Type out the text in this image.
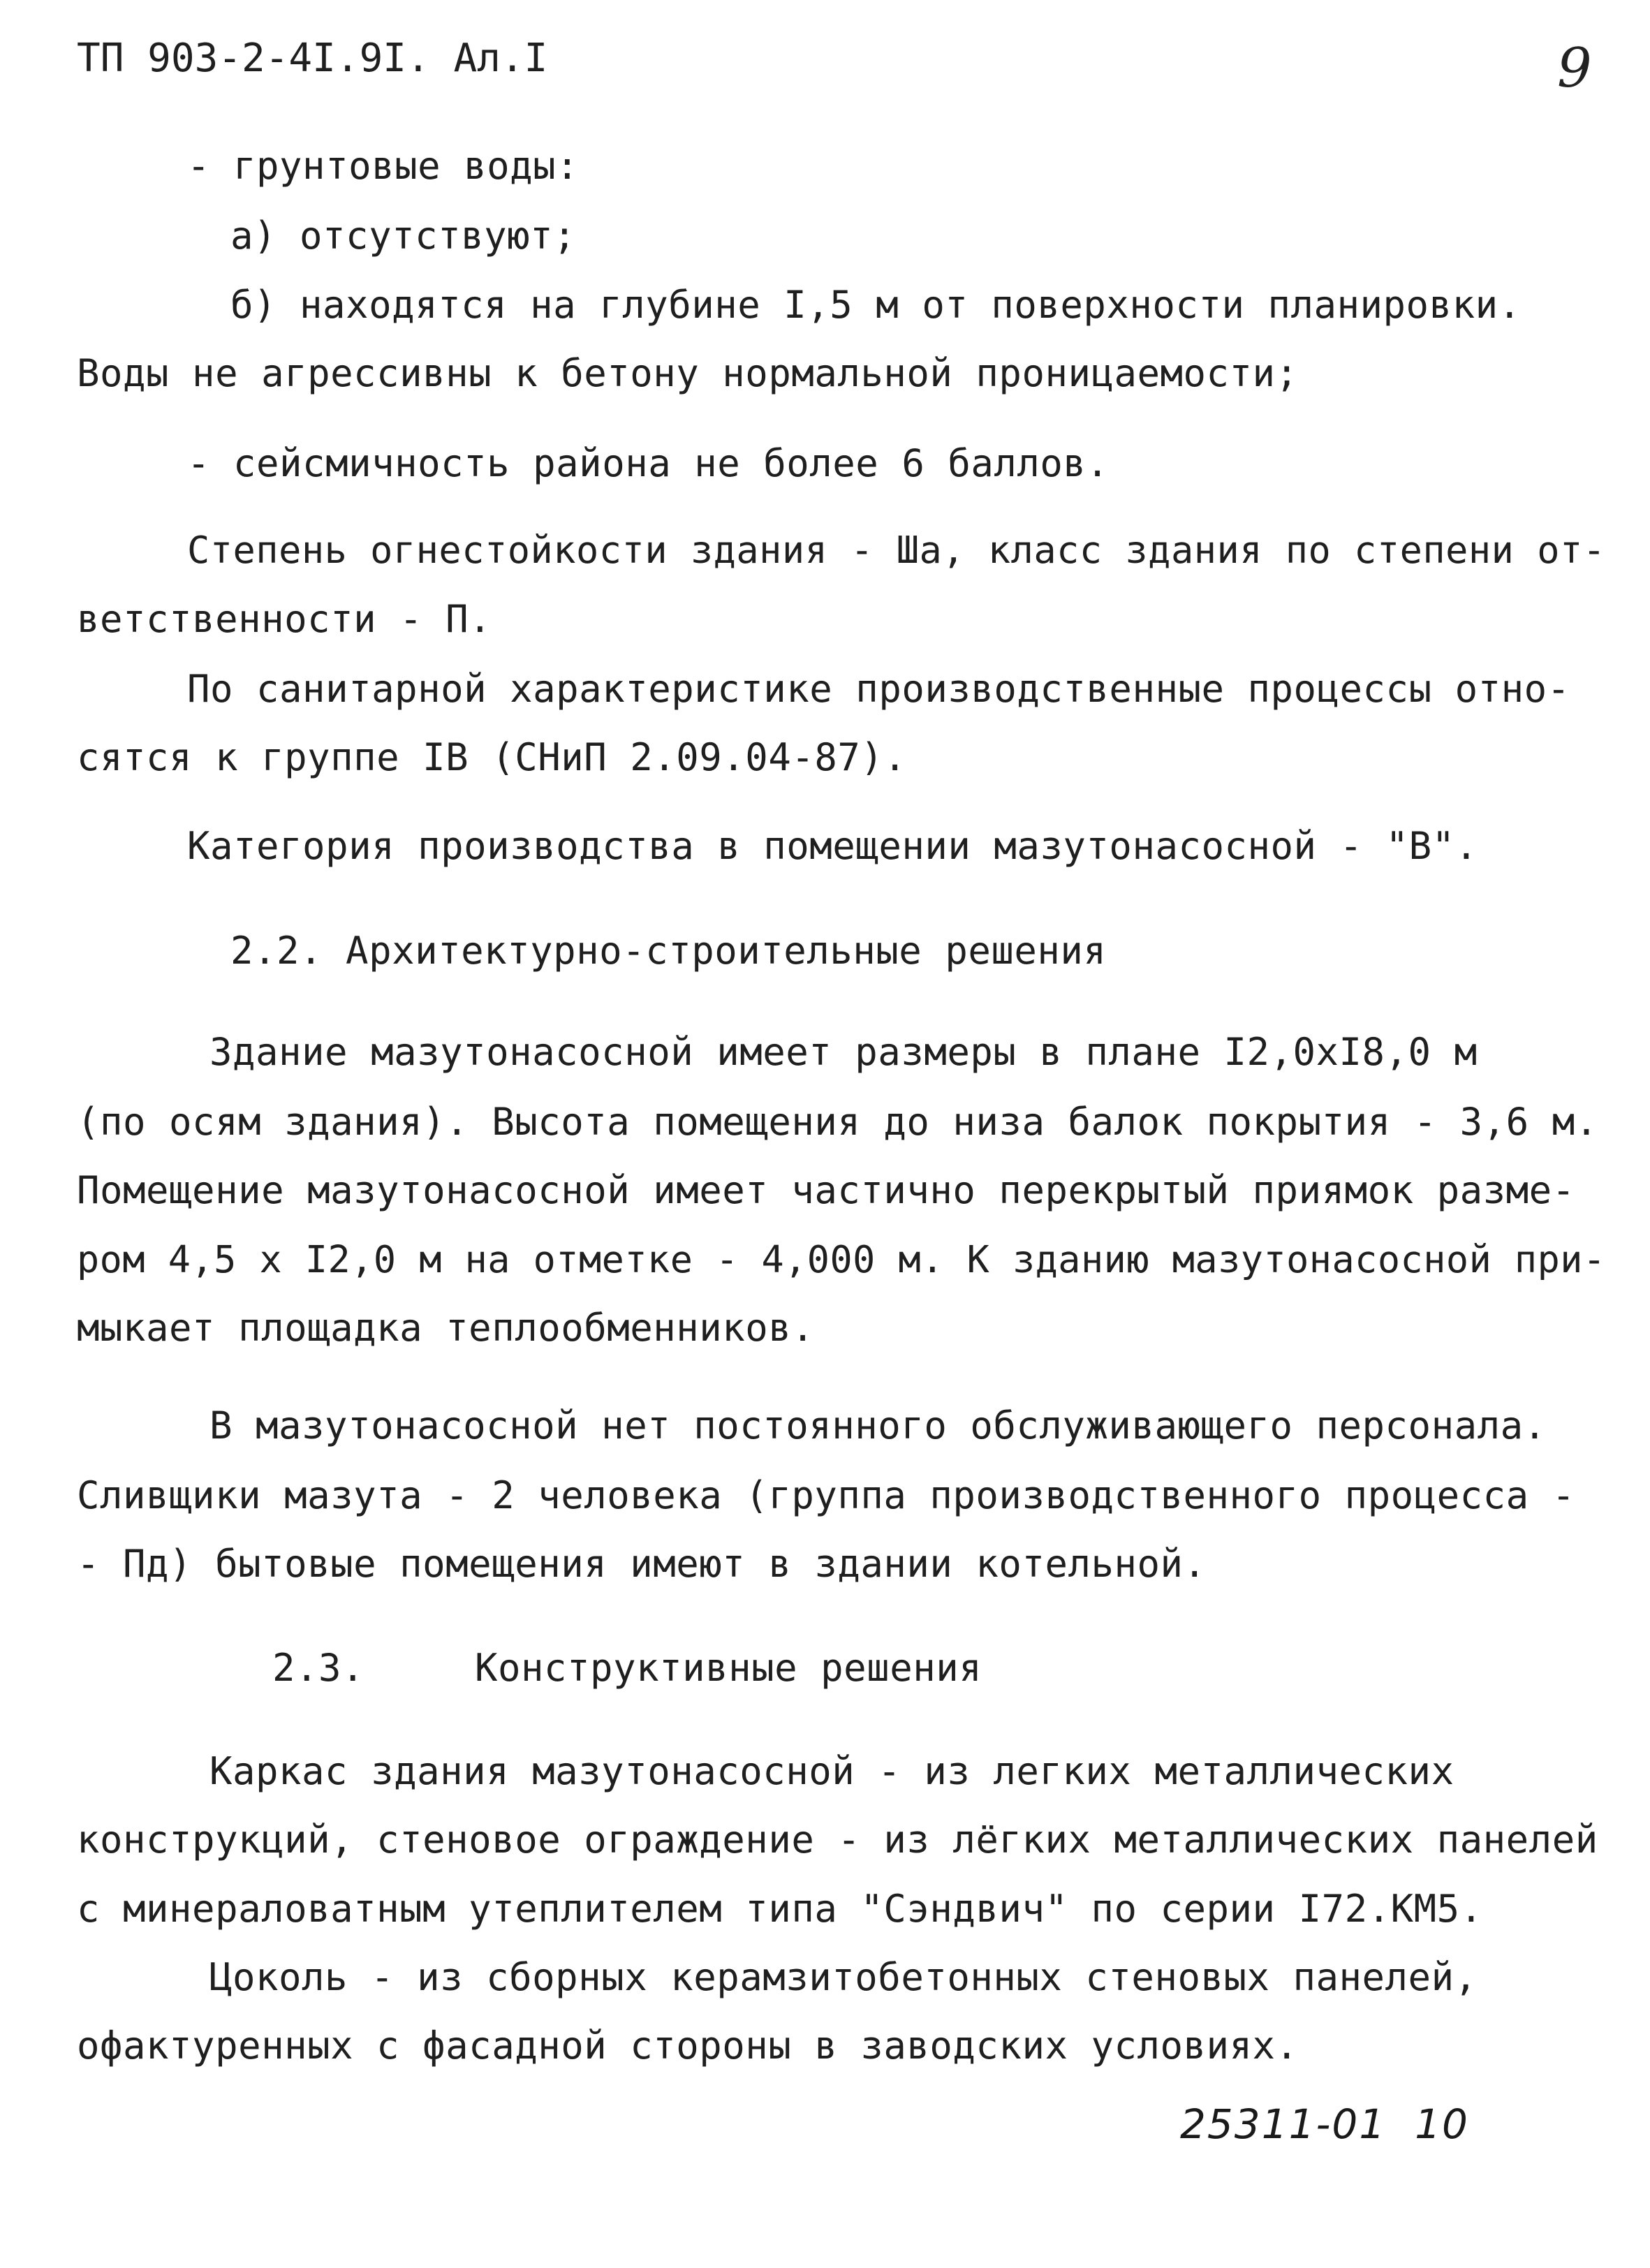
ТП 903-2-4I.9I. Ал.I	9
- грунтовые воды:
а) отсутствуют;
б) находятся на глубине I,5 м от поверхности планировки.
Воды не агрессивны к бетону нормальной проницаемости;
- сейсмичность района не более 6 баллов.
Степень огнестойкости здания - Ша, класс здания по степени от-
ветственности - П.
По санитарной характеристике производственные процессы отно-
сятся к группе IВ (СНиП 2.09.04-87).
Категория производства в помещении мазутонасосной - "В".
2.2. Архитектурно-строительные решения
Здание мазутонасосной имеет размеры в плане I2,0хI8,0 м
(по осям здания). Высота помещения до низа балок покрытия - 3,6 м.
Помещение мазутонасосной имеет частично перекрытый приямок разме-
ром 4,5 х I2,0 м на отметке - 4,000 м. К зданию мазутонасосной при-
мыкает площадка теплообменников.
В мазутонасосной нет постоянного обслуживающего персонала.
Сливщики мазута - 2 человека (группа производственного процесса -
- Пд) бытовые помещения имеют в здании котельной.
2.3.	Конструктивные решения
Каркас здания мазутонасосной - из легких металлических
конструкций, стеновое ограждение - из лёгких металлических панелей
с минераловатным утеплителем типа "Сэндвич" по серии I72.КМ5.
Цоколь - из сборных керамзитобетонных стеновых панелей,
офактуренных с фасадной стороны в заводских условиях.
25311-01  10
